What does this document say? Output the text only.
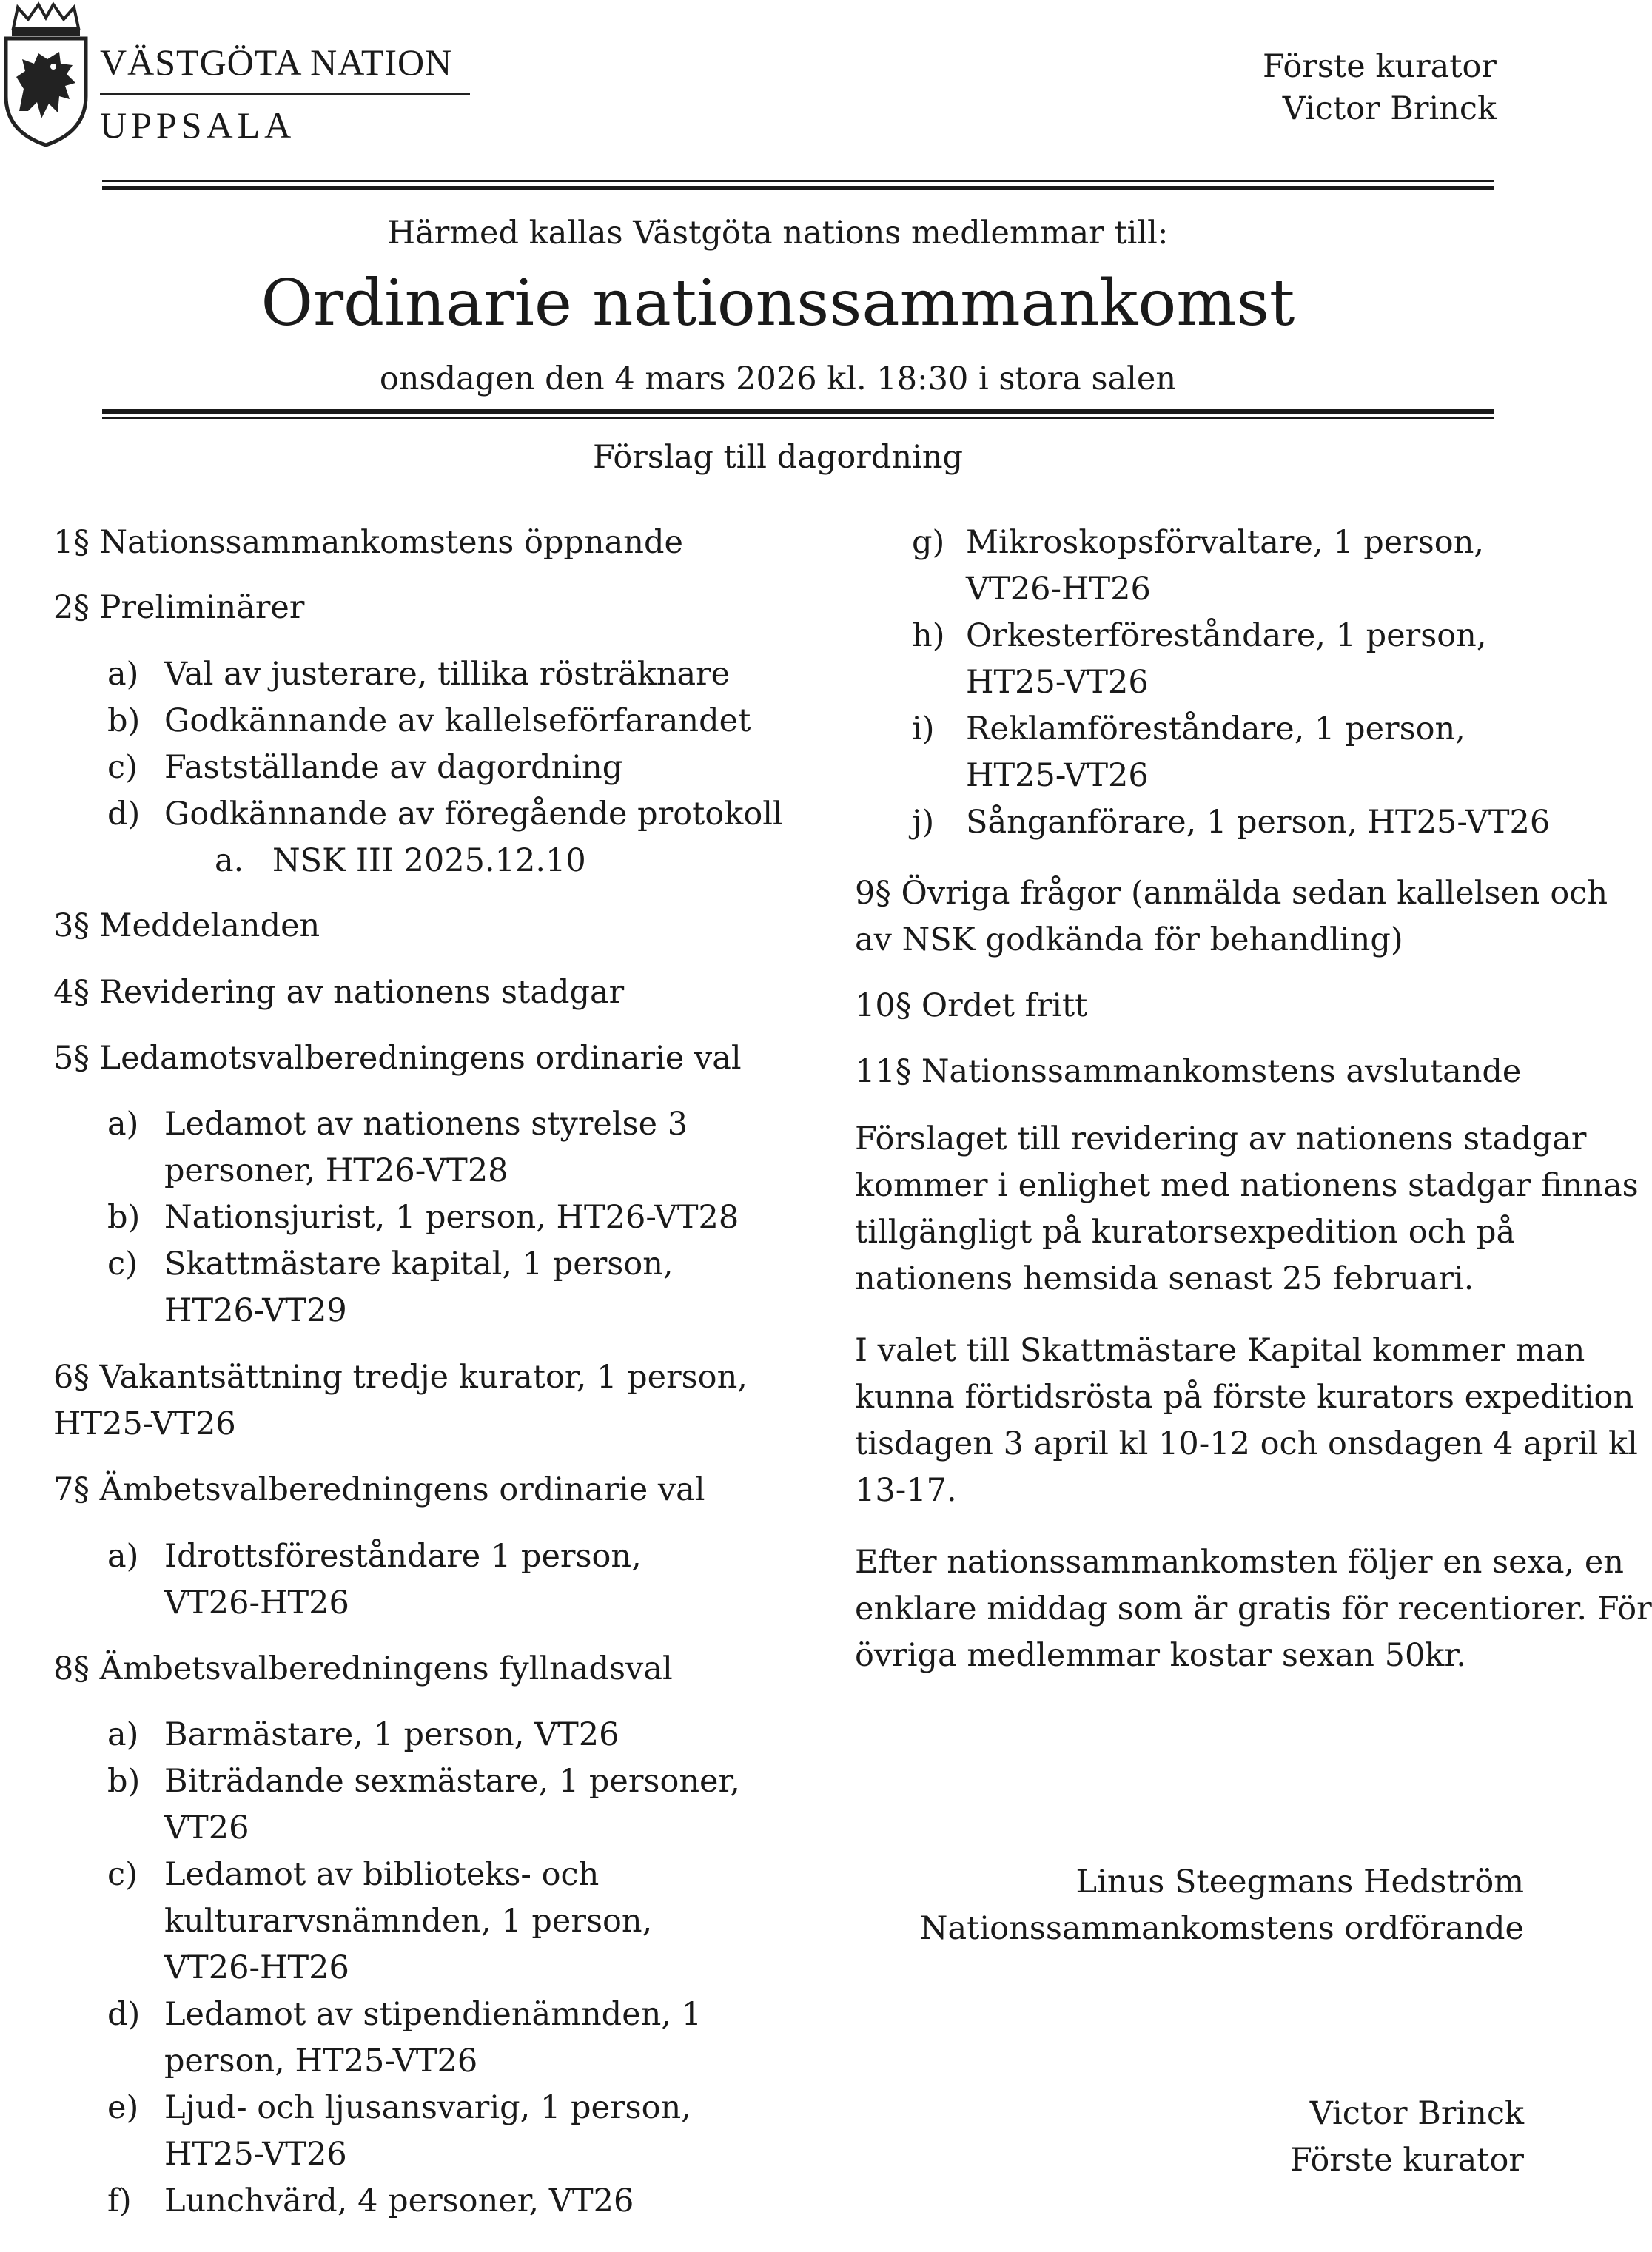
VÄSTGÖTA NATION
UPPSALA
Förste kurator
Victor Brinck
Härmed kallas Västgöta nations medlemmar till:
Ordinarie nationssammankomst
onsdagen den 4 mars 2026 kl. 18:30 i stora salen
Förslag till dagordning
1§ Nationssammankomstens öppnande
2§ Preliminärer
a) Val av justerare, tillika rösträknare
b) Godkännande av kallelseförfarandet
c) Fastställande av dagordning
d) Godkännande av föregående protokoll
a. NSK III 2025.12.10
3§ Meddelanden
4§ Revidering av nationens stadgar
5§ Ledamotsvalberedningens ordinarie val
a) Ledamot av nationens styrelse 3
personer, HT26-VT28
b) Nationsjurist, 1 person, HT26-VT28
c) Skattmästare kapital, 1 person,
HT26-VT29
6§ Vakantsättning tredje kurator, 1 person,
HT25-VT26
7§ Ämbetsvalberedningens ordinarie val
a) Idrottsföreståndare 1 person,
VT26-HT26
8§ Ämbetsvalberedningens fyllnadsval
a) Barmästare, 1 person, VT26
b) Biträdande sexmästare, 1 personer,
VT26
c) Ledamot av biblioteks- och
kulturarvsnämnden, 1 person,
VT26-HT26
d) Ledamot av stipendienämnden, 1
person, HT25-VT26
e) Ljud- och ljusansvarig, 1 person,
HT25-VT26
f) Lunchvärd, 4 personer, VT26
g) Mikroskopsförvaltare, 1 person,
VT26-HT26
h) Orkesterföreståndare, 1 person,
HT25-VT26
i) Reklamföreståndare, 1 person,
HT25-VT26
j) Sånganförare, 1 person, HT25-VT26
9§ Övriga frågor (anmälda sedan kallelsen och
av NSK godkända för behandling)
10§ Ordet fritt
11§ Nationssammankomstens avslutande
Förslaget till revidering av nationens stadgar
kommer i enlighet med nationens stadgar finnas
tillgängligt på kuratorsexpedition och på
nationens hemsida senast 25 februari.
I valet till Skattmästare Kapital kommer man
kunna förtidsrösta på förste kurators expedition
tisdagen 3 april kl 10-12 och onsdagen 4 april kl
13-17.
Efter nationssammankomsten följer en sexa, en
enklare middag som är gratis för recentiorer. För
övriga medlemmar kostar sexan 50kr.
Linus Steegmans Hedström
Nationssammankomstens ordförande
Victor Brinck
Förste kurator
